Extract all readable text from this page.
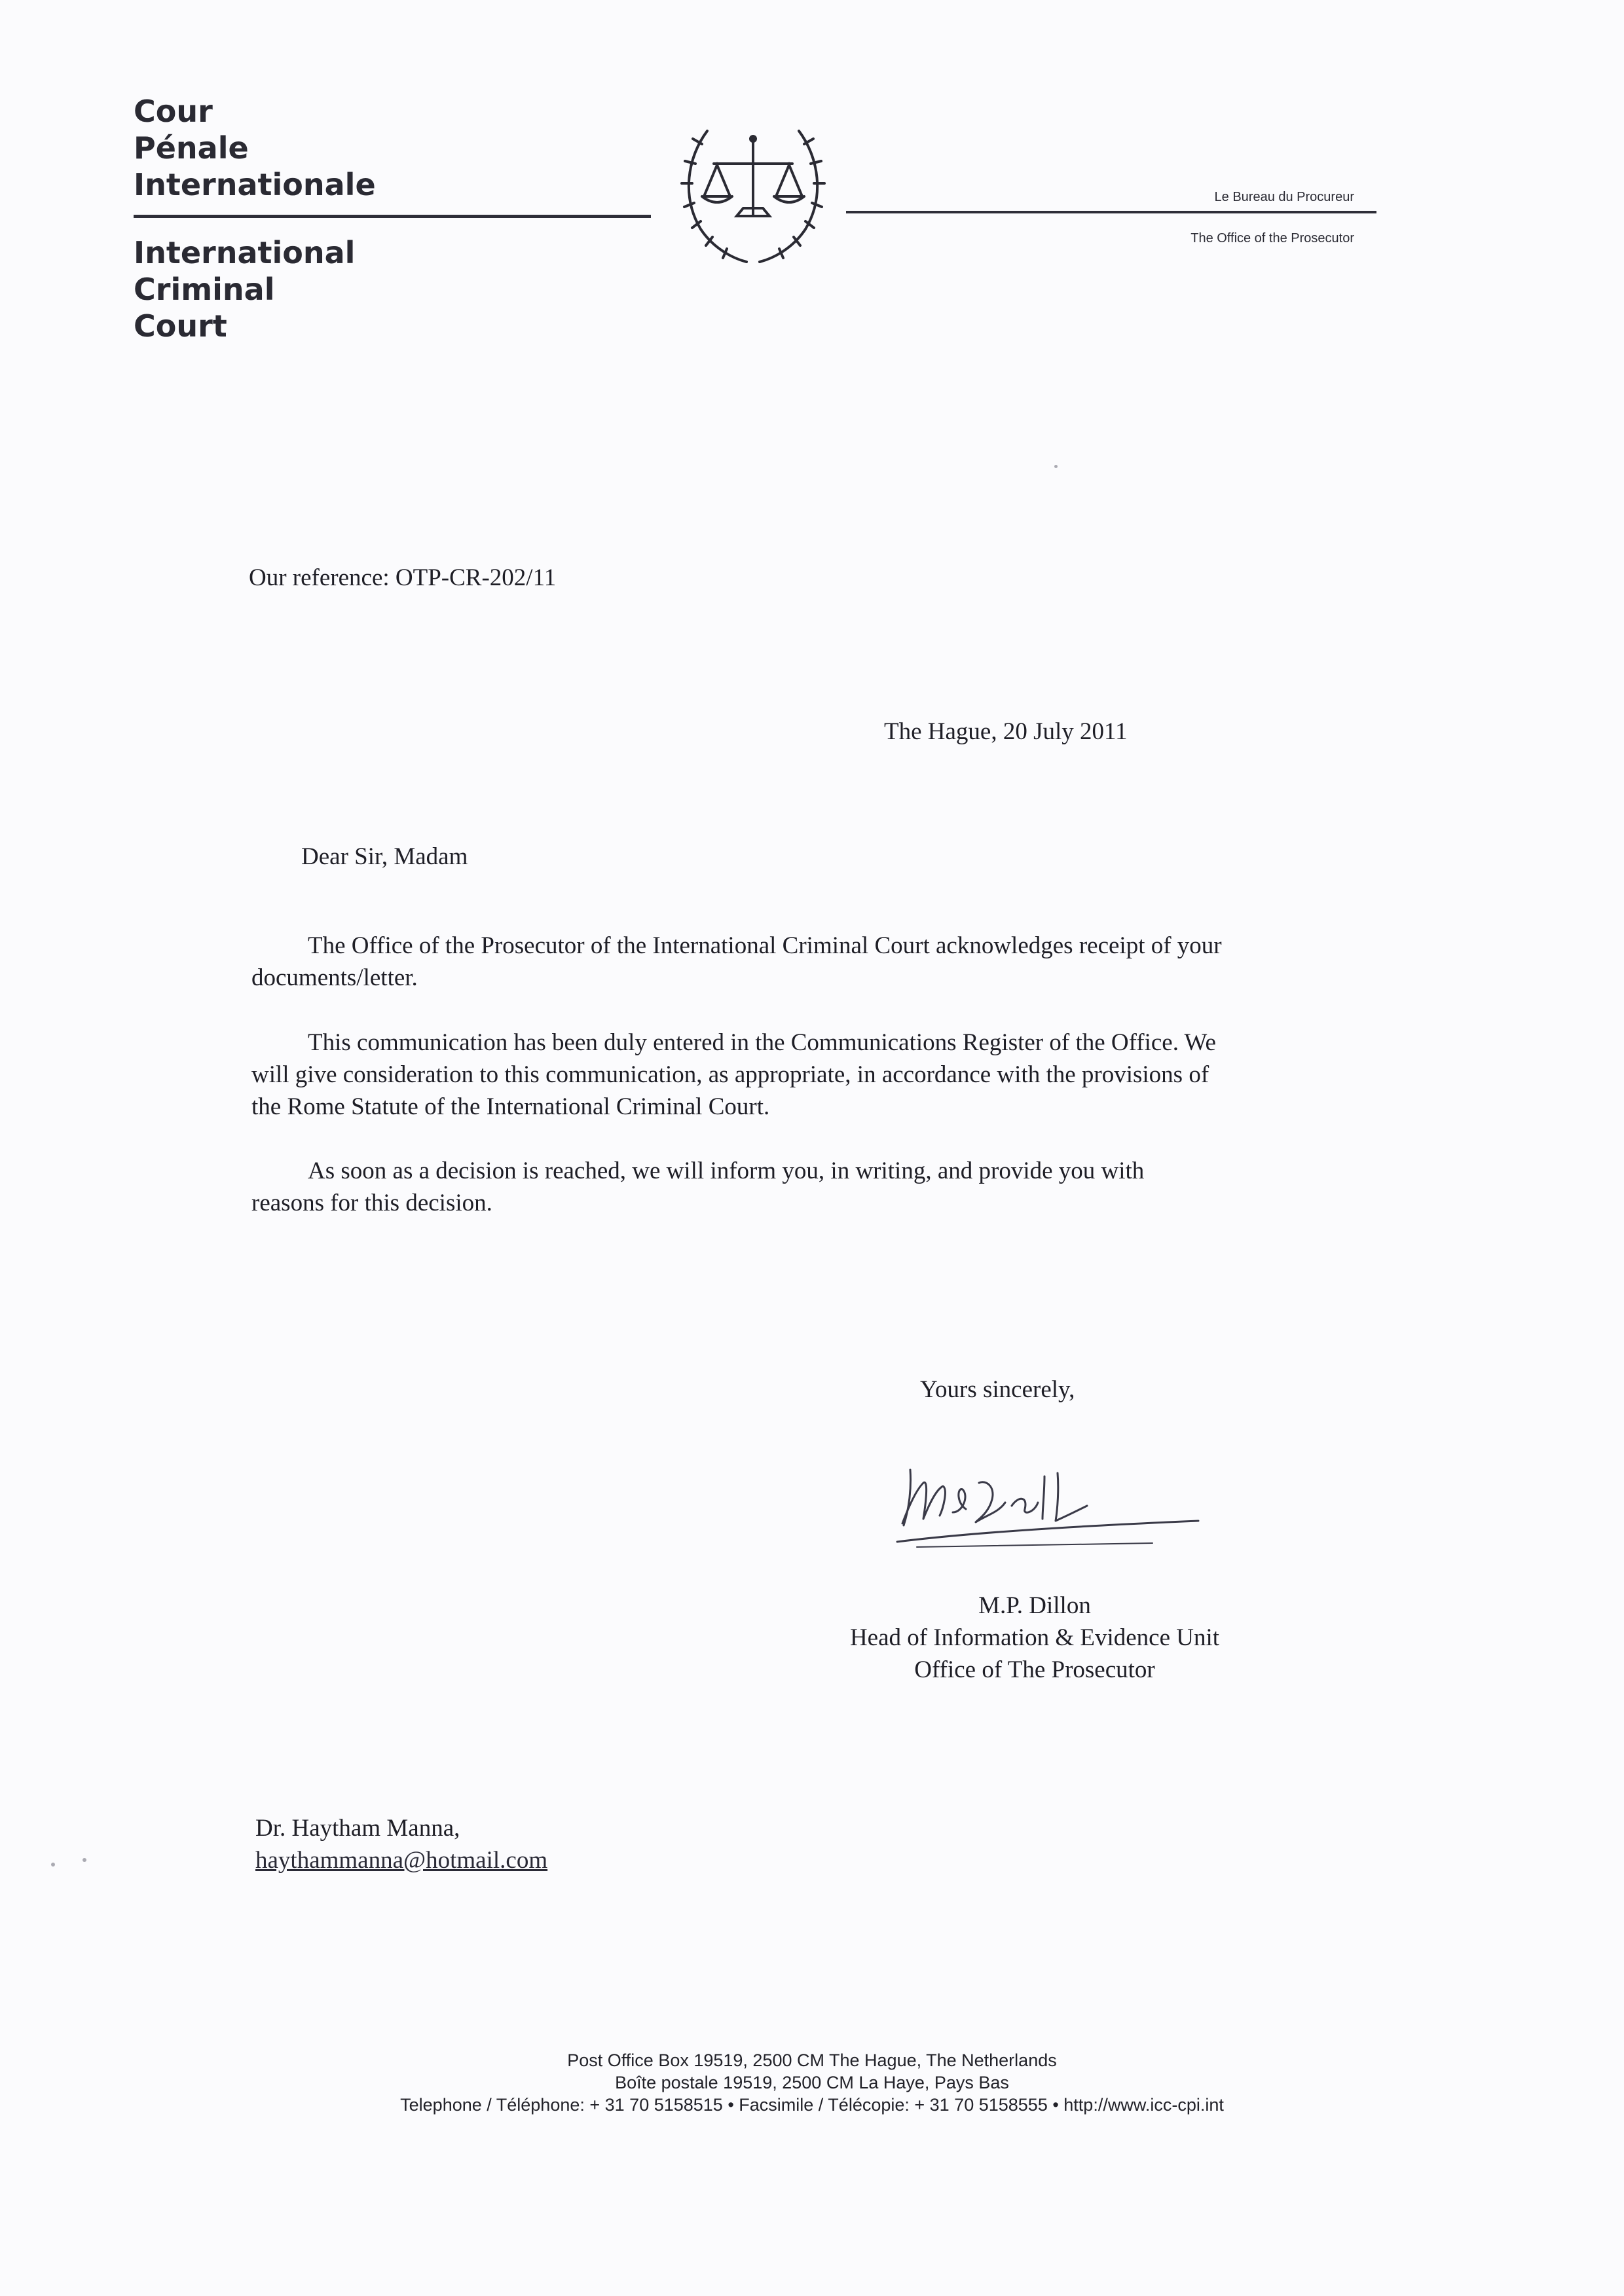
Cour
Pénale
Internationale
International
Criminal
Court
Le Bureau du Procureur
The Office of the Prosecutor
Our reference: OTP-CR-202/11
The Hague, 20 July 2011
Dear Sir, Madam
The Office of the Prosecutor of the International Criminal Court acknowledges receipt of your
documents/letter.
This communication has been duly entered in the Communications Register of the Office. We
will give consideration to this communication, as appropriate, in accordance with the provisions of
the Rome Statute of the International Criminal Court.
As soon as a decision is reached, we will inform you, in writing, and provide you with
reasons for this decision.
Yours sincerely,
M.P. Dillon
Head of Information & Evidence Unit
Office of The Prosecutor
Dr. Haytham Manna,
haythammanna@hotmail.com
Post Office Box 19519, 2500 CM The Hague, The Netherlands
Boîte postale 19519, 2500 CM La Haye, Pays Bas
Telephone / Téléphone: + 31 70 5158515 • Facsimile / Télécopie: + 31 70 5158555 • http://www.icc-cpi.int
